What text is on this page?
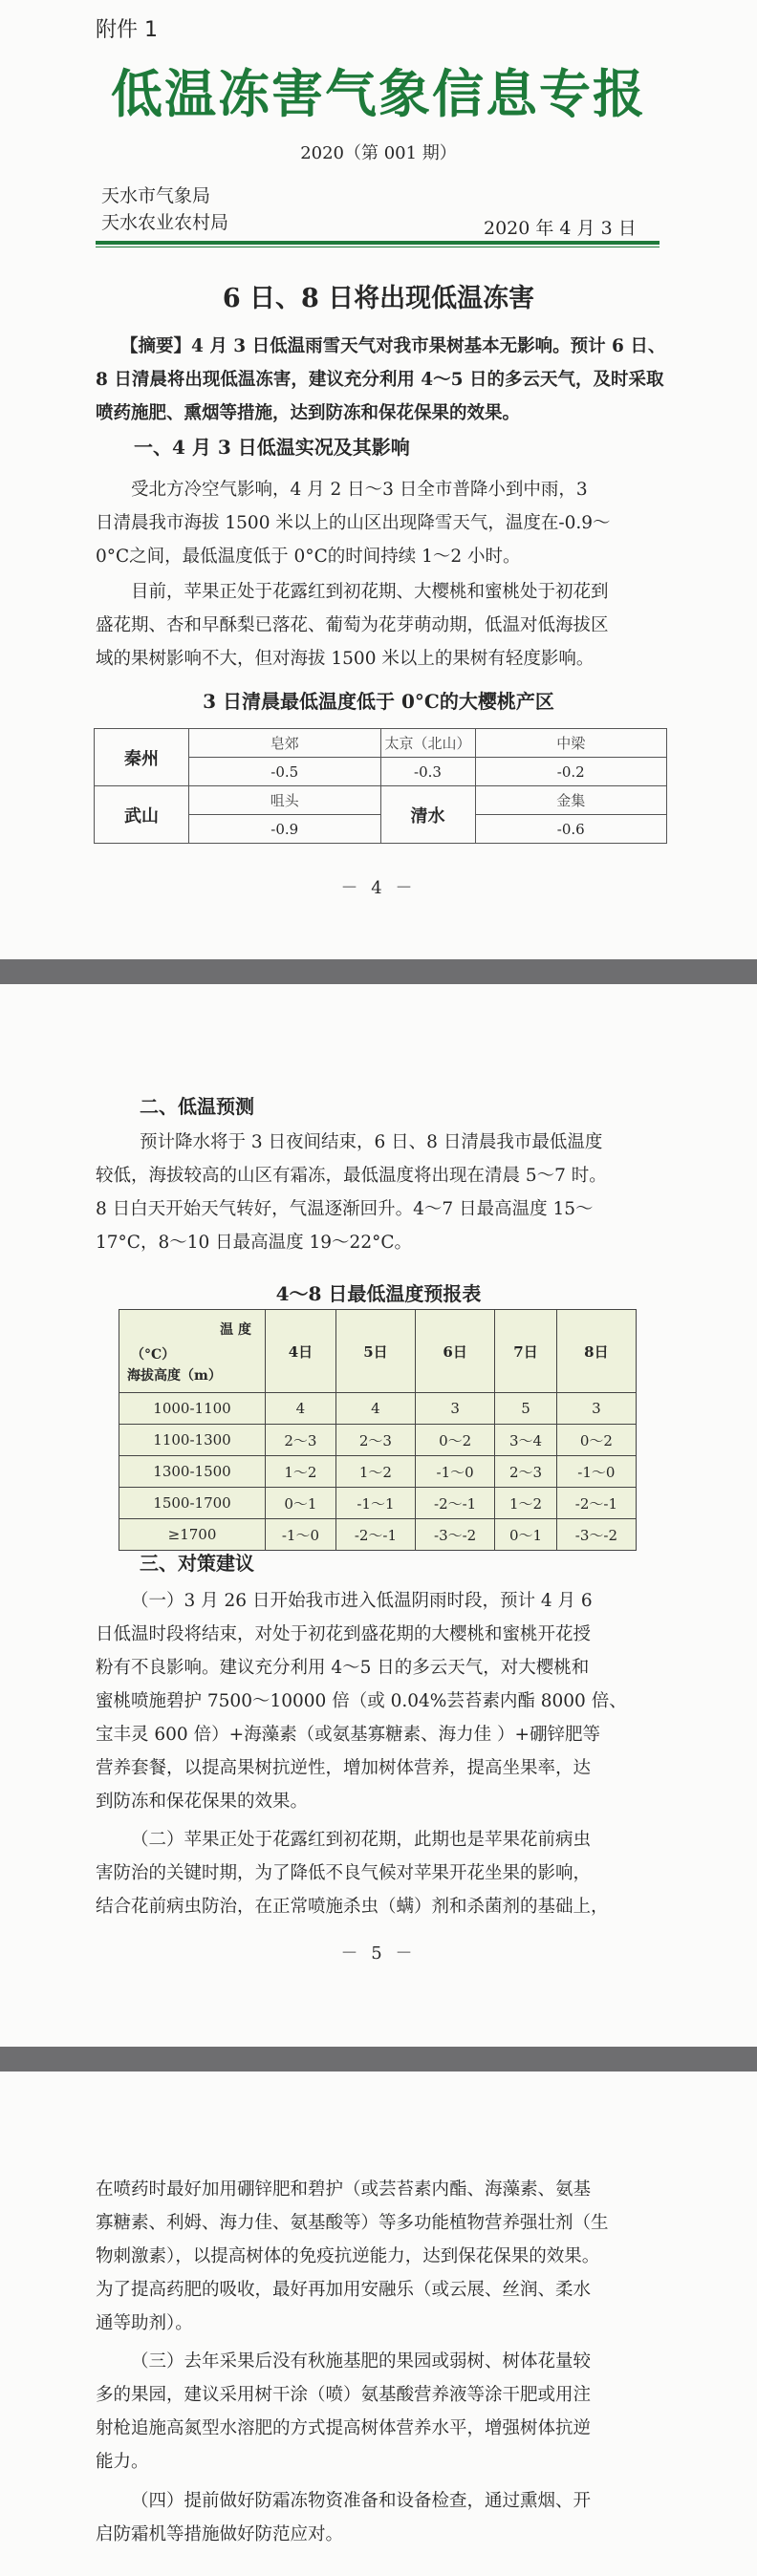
附件 1
低温冻害气象信息专报
2020（第 001 期）
天水市气象局
天水农业农村局	2020 年 4 月 3 日
6 日、8 日将出现低温冻害
【摘要】4 月 3 日低温雨雪天气对我市果树基本无影响。预计 6 日、
8 日清晨将出现低温冻害，建议充分利用 4～5 日的多云天气，及时采取
喷药施肥、熏烟等措施，达到防冻和保花保果的效果。
一、4 月 3 日低温实况及其影响
受北方冷空气影响，4 月 2 日～3 日全市普降小到中雨，3
日清晨我市海拔 1500 米以上的山区出现降雪天气，温度在-0.9～
0°C之间，最低温度低于 0°C的时间持续 1～2 小时。
目前，苹果正处于花露红到初花期、大樱桃和蜜桃处于初花到
盛花期、杏和早酥梨已落花、葡萄为花芽萌动期，低温对低海拔区
域的果树影响不大，但对海拔 1500 米以上的果树有轻度影响。
3 日清晨最低温度低于 0°C的大樱桃产区
秦州	皂郊	太京（北山）	中梁
	-0.5	-0.3	-0.2
武山	咀头	清水	金集
	-0.9		-0.6
－ 4 －
二、低温预测
预计降水将于 3 日夜间结束，6 日、8 日清晨我市最低温度
较低，海拔较高的山区有霜冻，最低温度将出现在清晨 5～7 时。
8 日白天开始天气转好，气温逐渐回升。4～7 日最高温度 15～
17°C，8～10 日最高温度 19～22°C。
4～8 日最低温度预报表
温 度
（°C）
海拔高度（m）	4日	5日	6日	7日	8日
1000-1100	4	4	3	5	3
1100-1300	2～3	2～3	0～2	3～4	0～2
1300-1500	1～2	1～2	-1～0	2～3	-1～0
1500-1700	0～1	-1～1	-2～-1	1～2	-2～-1
≥1700	-1～0	-2～-1	-3～-2	0～1	-3～-2
三、对策建议
（一）3 月 26 日开始我市进入低温阴雨时段，预计 4 月 6
日低温时段将结束，对处于初花到盛花期的大樱桃和蜜桃开花授
粉有不良影响。建议充分利用 4～5 日的多云天气，对大樱桃和
蜜桃喷施碧护 7500～10000 倍（或 0.04%芸苔素内酯 8000 倍、
宝丰灵 600 倍）+海藻素（或氨基寡糖素、海力佳 ）+硼锌肥等
营养套餐，以提高果树抗逆性，增加树体营养，提高坐果率，达
到防冻和保花保果的效果。
（二）苹果正处于花露红到初花期，此期也是苹果花前病虫
害防治的关键时期，为了降低不良气候对苹果开花坐果的影响，
结合花前病虫防治，在正常喷施杀虫（螨）剂和杀菌剂的基础上，
－ 5 －
在喷药时最好加用硼锌肥和碧护（或芸苔素内酯、海藻素、氨基
寡糖素、利姆、海力佳、氨基酸等）等多功能植物营养强壮剂（生
物刺激素），以提高树体的免疫抗逆能力，达到保花保果的效果。
为了提高药肥的吸收，最好再加用安融乐（或云展、丝润、柔水
通等助剂）。
（三）去年采果后没有秋施基肥的果园或弱树、树体花量较
多的果园，建议采用树干涂（喷）氨基酸营养液等涂干肥或用注
射枪追施高氮型水溶肥的方式提高树体营养水平，增强树体抗逆
能力。
（四）提前做好防霜冻物资准备和设备检查，通过熏烟、开
启防霜机等措施做好防范应对。
